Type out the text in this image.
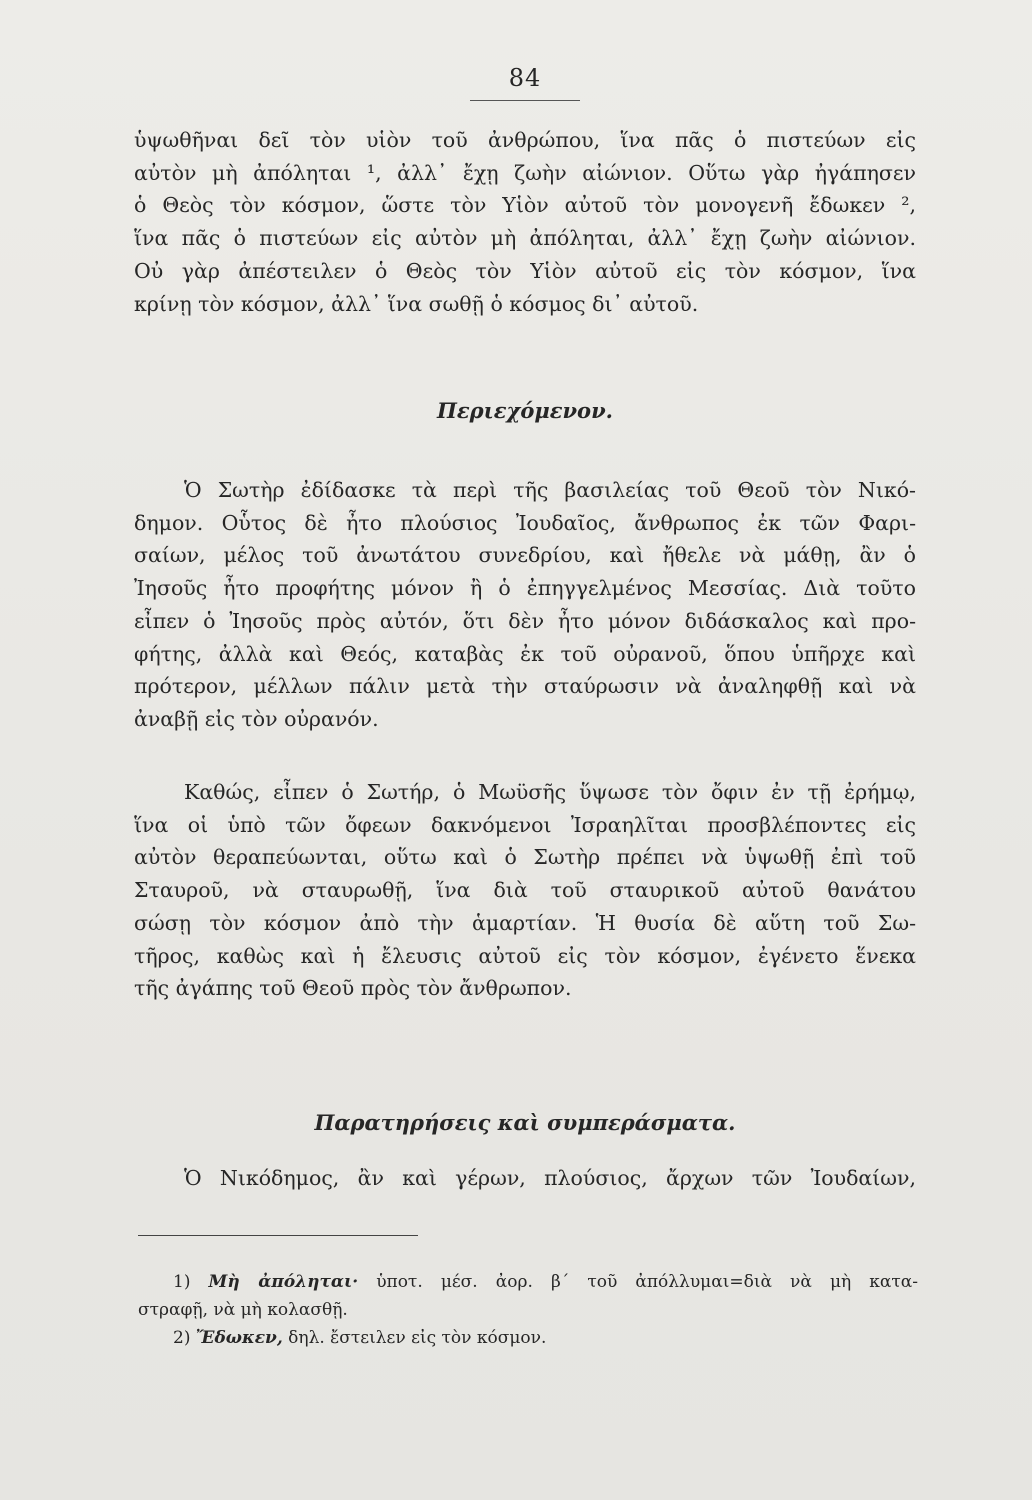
84
ὑψωθῆναι δεῖ τὸν υἱὸν τοῦ ἀνθρώπου, ἵνα πᾶς ὁ πιστεύων εἰς
αὐτὸν μὴ ἀπόληται ¹, ἀλλ᾽ ἔχῃ ζωὴν αἰώνιον. Οὕτω γὰρ ἠγάπησεν
ὁ Θεὸς τὸν κόσμον, ὥστε τὸν Υἱὸν αὐτοῦ τὸν μονογενῆ ἔδωκεν ²,
ἵνα πᾶς ὁ πιστεύων εἰς αὐτὸν μὴ ἀπόληται, ἀλλ᾽ ἔχῃ ζωὴν αἰώνιον.
Οὐ γὰρ ἀπέστειλεν ὁ Θεὸς τὸν Υἱὸν αὐτοῦ εἰς τὸν κόσμον, ἵνα
κρίνῃ τὸν κόσμον, ἀλλ᾽ ἵνα σωθῇ ὁ κόσμος δι᾽ αὐτοῦ.
Περιεχόμενον.
Ὁ Σωτὴρ ἐδίδασκε τὰ περὶ τῆς βασιλείας τοῦ Θεοῦ τὸν Νικό-
δημον. Οὗτος δὲ ἦτο πλούσιος Ἰουδαῖος, ἄνθρωπος ἐκ τῶν Φαρι-
σαίων, μέλος τοῦ ἀνωτάτου συνεδρίου, καὶ ἤθελε νὰ μάθῃ, ἂν ὁ
Ἰησοῦς ἦτο προφήτης μόνον ἢ ὁ ἐπηγγελμένος Μεσσίας. Διὰ τοῦτο
εἶπεν ὁ Ἰησοῦς πρὸς αὐτόν, ὅτι δὲν ἦτο μόνον διδάσκαλος καὶ προ-
φήτης, ἀλλὰ καὶ Θεός, καταβὰς ἐκ τοῦ οὐρανοῦ, ὅπου ὑπῆρχε καὶ
πρότερον, μέλλων πάλιν μετὰ τὴν σταύρωσιν νὰ ἀναληφθῇ καὶ νὰ
ἀναβῇ εἰς τὸν οὐρανόν.
Καθώς, εἶπεν ὁ Σωτήρ, ὁ Μωϋσῆς ὕψωσε τὸν ὄφιν ἐν τῇ ἐρήμῳ,
ἵνα οἱ ὑπὸ τῶν ὄφεων δακνόμενοι Ἰσραηλῖται προσβλέποντες εἰς
αὐτὸν θεραπεύωνται, οὕτω καὶ ὁ Σωτὴρ πρέπει νὰ ὑψωθῇ ἐπὶ τοῦ
Σταυροῦ, νὰ σταυρωθῇ, ἵνα διὰ τοῦ σταυρικοῦ αὐτοῦ θανάτου
σώσῃ τὸν κόσμον ἀπὸ τὴν ἁμαρτίαν. Ἡ θυσία δὲ αὕτη τοῦ Σω-
τῆρος, καθὼς καὶ ἡ ἔλευσις αὐτοῦ εἰς τὸν κόσμον, ἐγένετο ἕνεκα
τῆς ἀγάπης τοῦ Θεοῦ πρὸς τὸν ἄνθρωπον.
Παρατηρήσεις καὶ συμπεράσματα.
Ὁ Νικόδημος, ἂν καὶ γέρων, πλούσιος, ἄρχων τῶν Ἰουδαίων,
1) Μὴ ἀπόληται· ὑποτ. μέσ. ἀορ. β΄ τοῦ ἀπόλλυμαι=διὰ νὰ μὴ κατα-
στραφῇ, νὰ μὴ κολασθῇ.
2) Ἔδωκεν, δηλ. ἔστειλεν εἰς τὸν κόσμον.
